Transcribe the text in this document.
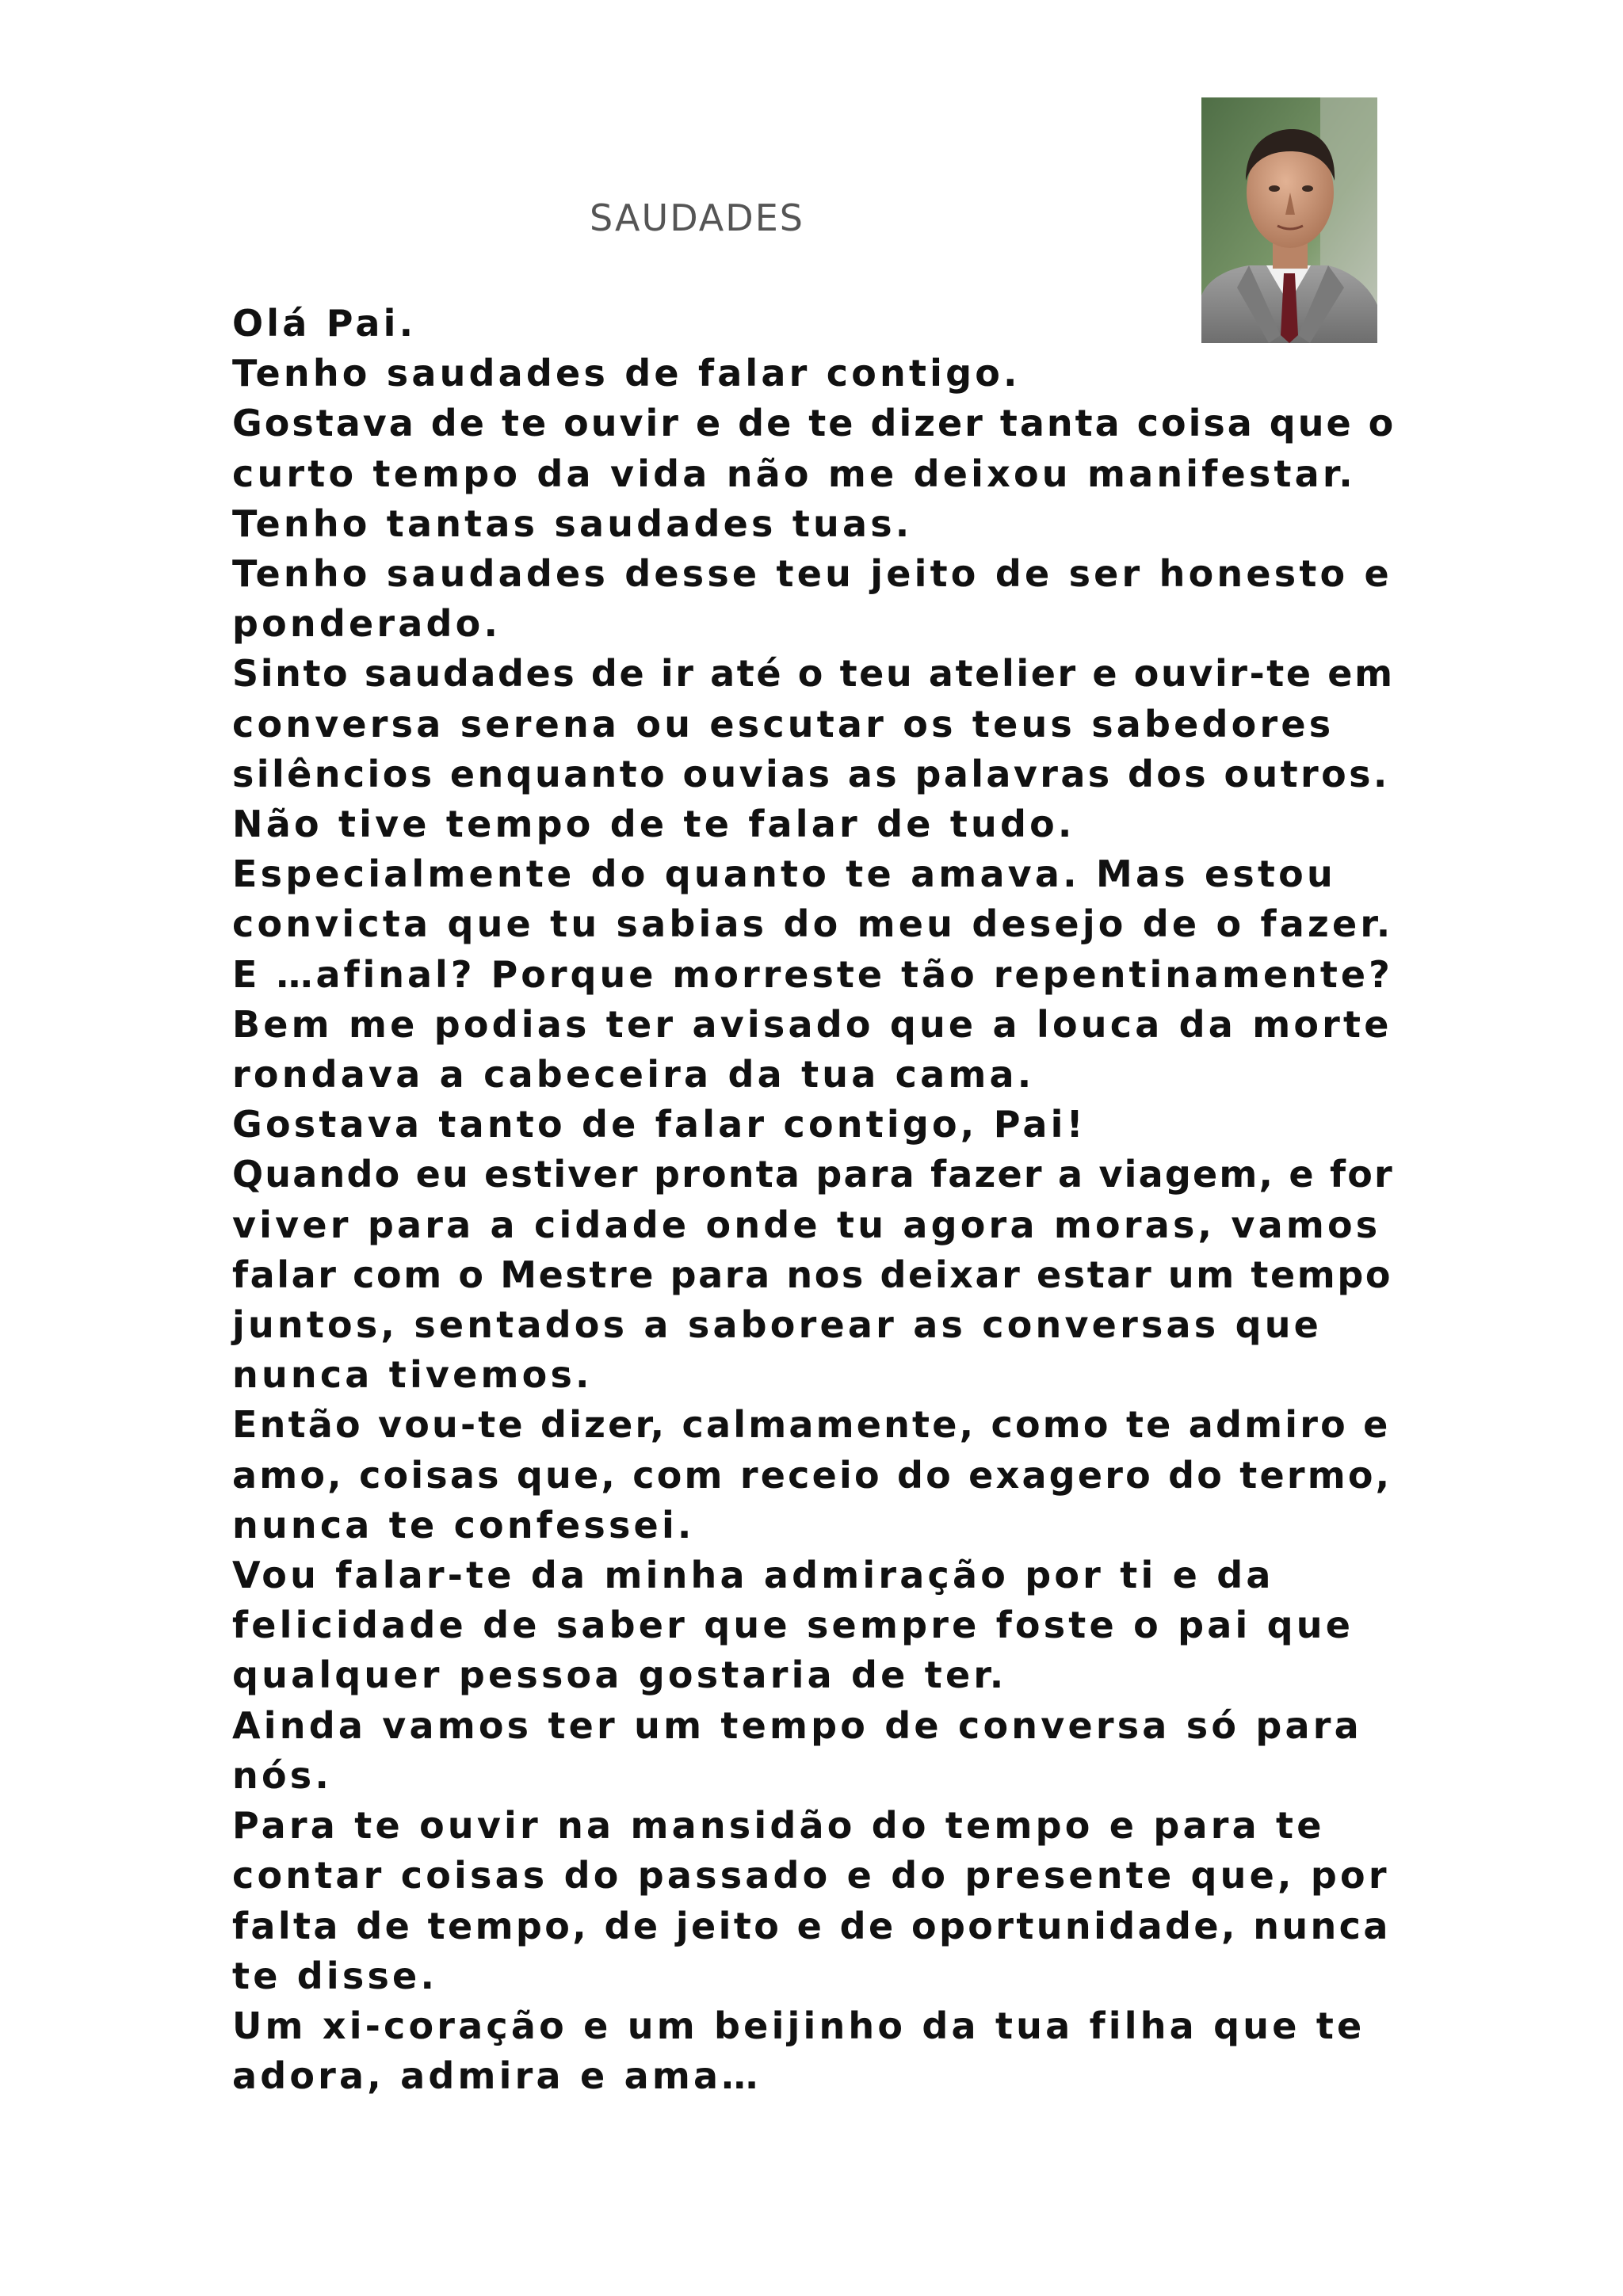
SAUDADES
Olá Pai.
Tenho saudades de falar contigo.
Gostava de te ouvir e de te dizer tanta coisa que o
curto tempo da vida não me deixou manifestar.
Tenho tantas saudades tuas.
Tenho saudades desse teu jeito de ser honesto e
ponderado.
Sinto saudades de ir até o teu atelier e ouvir-te em
conversa serena ou escutar os teus sabedores
silêncios enquanto ouvias as palavras dos outros.
Não tive tempo de te falar de tudo.
Especialmente do quanto te amava. Mas estou
convicta que tu sabias do meu desejo de o fazer.
E …afinal? Porque morreste tão repentinamente?
Bem me podias ter avisado que a louca da morte
rondava a cabeceira da tua cama.
Gostava tanto de falar contigo, Pai!
Quando eu estiver pronta para fazer a viagem, e for
viver para a cidade onde tu agora moras, vamos
falar com o Mestre para nos deixar estar um tempo
juntos, sentados a saborear as conversas que
nunca tivemos.
Então vou-te dizer, calmamente, como te admiro e
amo, coisas que, com receio do exagero do termo,
nunca te confessei.
Vou falar-te da minha admiração por ti e da
felicidade de saber que sempre foste o pai que
qualquer pessoa gostaria de ter.
Ainda vamos ter um tempo de conversa só para
nós.
Para te ouvir na mansidão do tempo e para te
contar coisas do passado e do presente que, por
falta de tempo, de jeito e de oportunidade, nunca
te disse.
Um xi-coração e um beijinho da tua filha que te
adora, admira e ama…
